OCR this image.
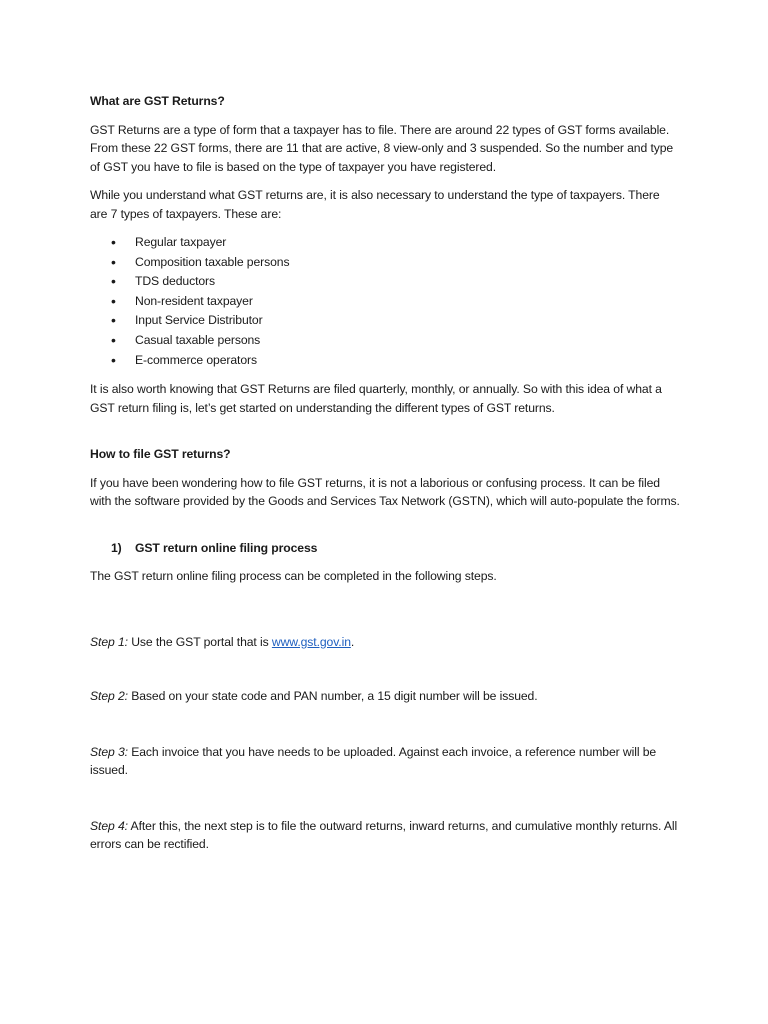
What are GST Returns?

GST Returns are a type of form that a taxpayer has to file. There are around 22 types of GST forms available. From these 22 GST forms, there are 11 that are active, 8 view-only and 3 suspended. So the number and type of GST you have to file is based on the type of taxpayer you have registered.

While you understand what GST returns are, it is also necessary to understand the type of taxpayers. There are 7 types of taxpayers. These are:

• Regular taxpayer
• Composition taxable persons
• TDS deductors
• Non-resident taxpayer
• Input Service Distributor
• Casual taxable persons
• E-commerce operators

It is also worth knowing that GST Returns are filed quarterly, monthly, or annually. So with this idea of what a GST return filing is, let’s get started on understanding the different types of GST returns.

How to file GST returns?

If you have been wondering how to file GST returns, it is not a laborious or confusing process. It can be filed with the software provided by the Goods and Services Tax Network (GSTN), which will auto-populate the forms.

1) GST return online filing process

The GST return online filing process can be completed in the following steps.

Step 1: Use the GST portal that is www.gst.gov.in.

Step 2: Based on your state code and PAN number, a 15 digit number will be issued.

Step 3: Each invoice that you have needs to be uploaded. Against each invoice, a reference number will be issued.

Step 4: After this, the next step is to file the outward returns, inward returns, and cumulative monthly returns. All errors can be rectified.
